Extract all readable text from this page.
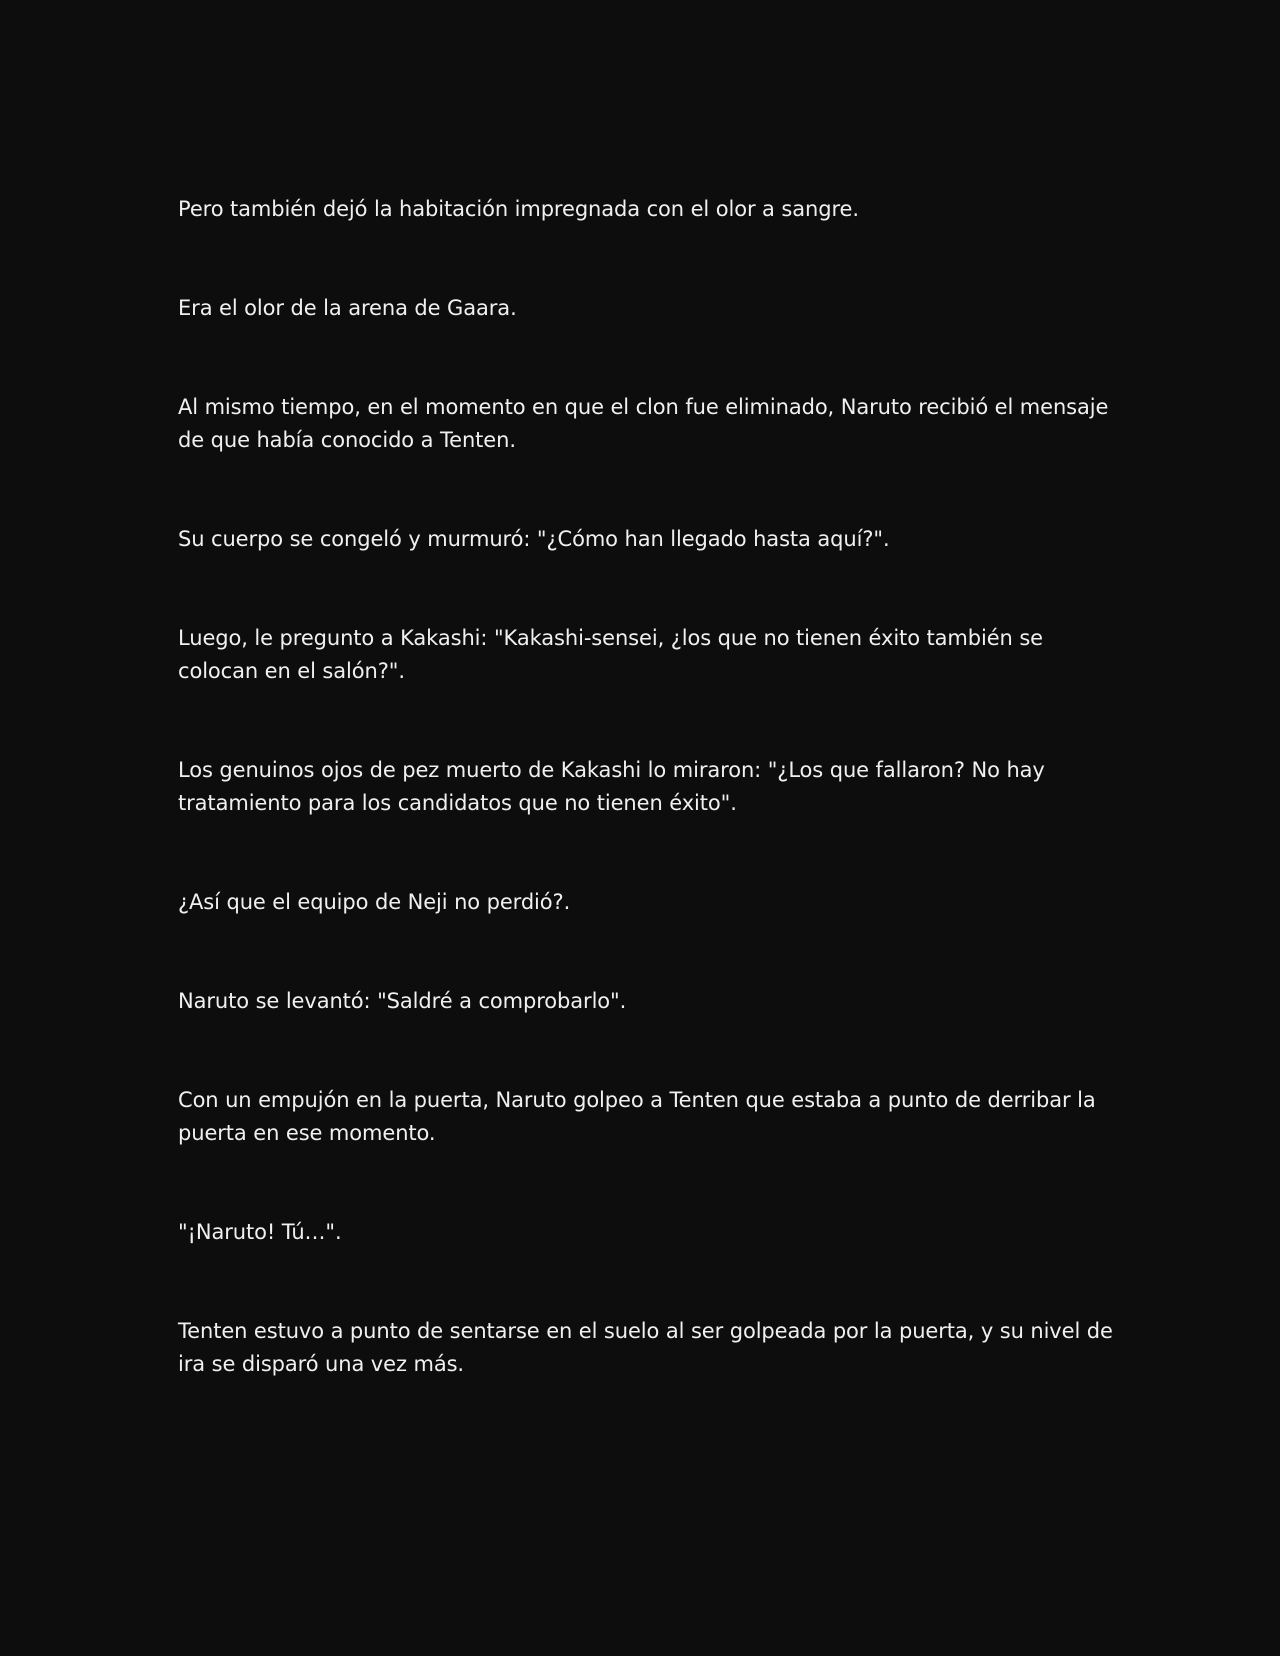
Pero también dejó la habitación impregnada con el olor a sangre.

Era el olor de la arena de Gaara.

Al mismo tiempo, en el momento en que el clon fue eliminado, Naruto recibió el mensaje de que había conocido a Tenten.

Su cuerpo se congeló y murmuró: "¿Cómo han llegado hasta aquí?".

Luego, le pregunto a Kakashi: "Kakashi-sensei, ¿los que no tienen éxito también se colocan en el salón?".

Los genuinos ojos de pez muerto de Kakashi lo miraron: "¿Los que fallaron? No hay tratamiento para los candidatos que no tienen éxito".

¿Así que el equipo de Neji no perdió?.

Naruto se levantó: "Saldré a comprobarlo".

Con un empujón en la puerta, Naruto golpeo a Tenten que estaba a punto de derribar la puerta en ese momento.

"¡Naruto! Tú…".

Tenten estuvo a punto de sentarse en el suelo al ser golpeada por la puerta, y su nivel de ira se disparó una vez más.
